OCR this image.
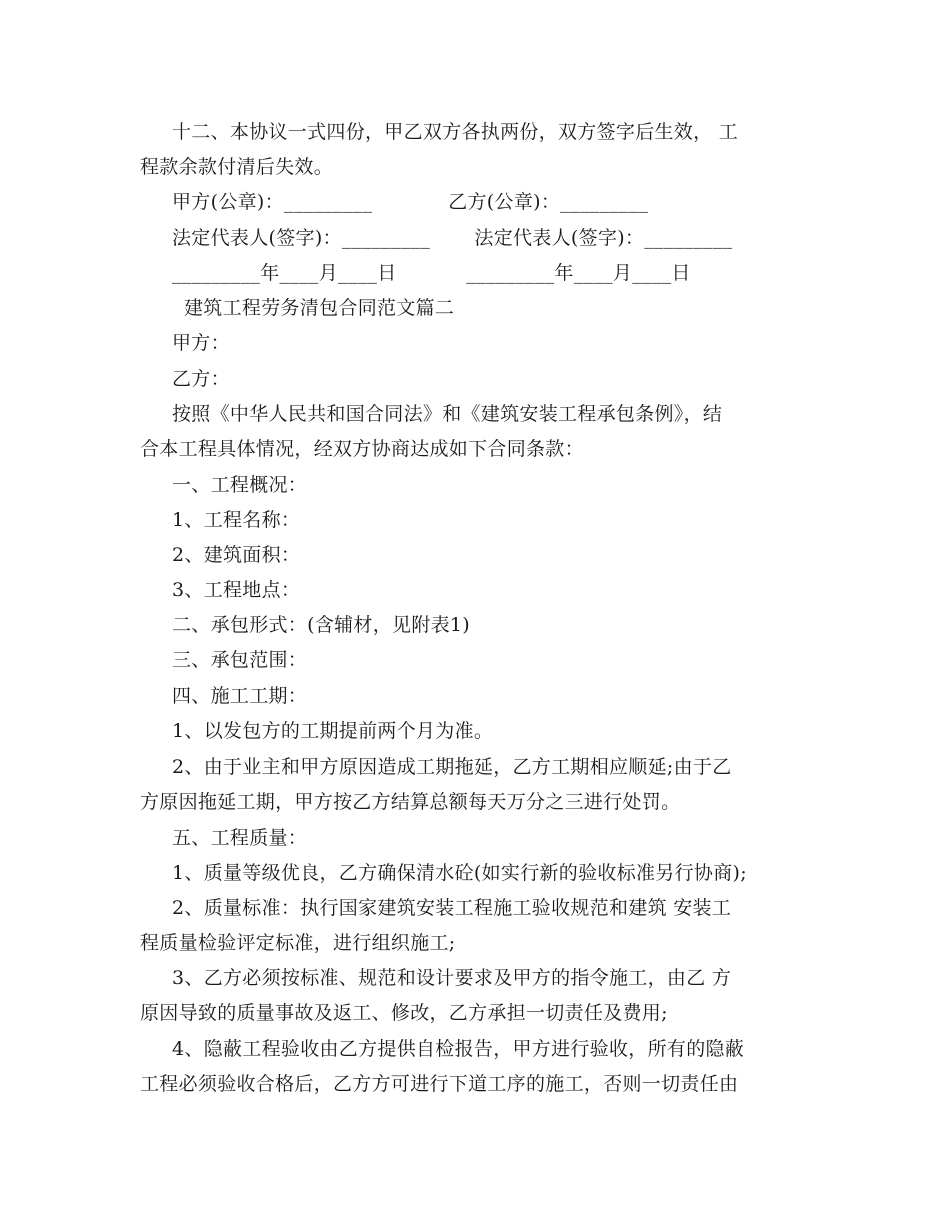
十二、本协议一式四份，甲乙双方各执两份，双方签字后生效， 工
程款余款付清后失效。
甲方(公章)：_________            乙方(公章)：_________
法定代表人(签字)：_________       法定代表人(签字)：_________
_________年____月____日           _________年____月____日
建筑工程劳务清包合同范文篇二
甲方：
乙方：
按照《中华人民共和国合同法》和《建筑安装工程承包条例》，结
合本工程具体情况，经双方协商达成如下合同条款：
一、工程概况：
1、工程名称：
2、建筑面积：
3、工程地点：
二、承包形式：(含辅材，见附表1)
三、承包范围：
四、施工工期：
1、以发包方的工期提前两个月为准。
2、由于业主和甲方原因造成工期拖延，乙方工期相应顺延;由于乙
方原因拖延工期，甲方按乙方结算总额每天万分之三进行处罚。
五、工程质量：
1、质量等级优良，乙方确保清水砼(如实行新的验收标准另行协商);
2、质量标准：执行国家建筑安装工程施工验收规范和建筑 安装工
程质量检验评定标准，进行组织施工;
3、乙方必须按标准、规范和设计要求及甲方的指令施工，由乙 方
原因导致的质量事故及返工、修改，乙方承担一切责任及费用;
4、隐蔽工程验收由乙方提供自检报告，甲方进行验收，所有的隐蔽
工程必须验收合格后，乙方方可进行下道工序的施工，否则一切责任由
